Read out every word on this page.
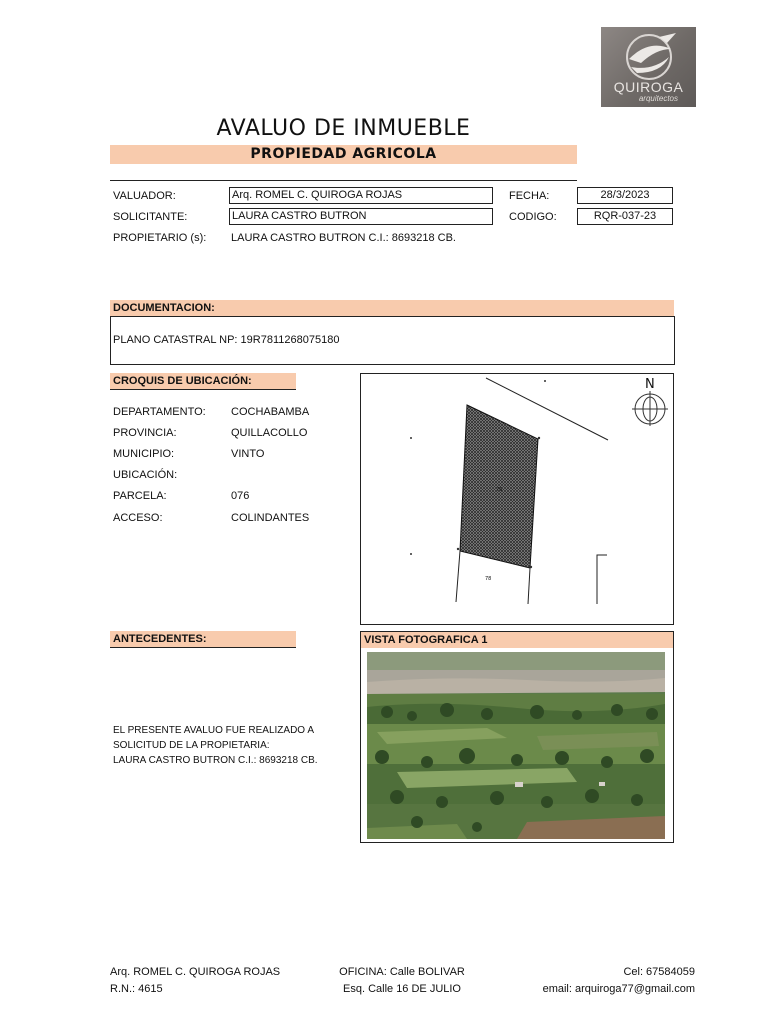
QUIROGA
arquitectos
AVALUO DE INMUEBLE
PROPIEDAD AGRICOLA
VALUADOR:	Arq. ROMEL C. QUIROGA ROJAS
SOLICITANTE:	LAURA CASTRO BUTRON
PROPIETARIO (s): LAURA CASTRO BUTRON C.I.: 8693218 CB.
FECHA:	28/3/2023
CODIGO:	RQR-037-23
DOCUMENTACION:
PLANO CATASTRAL NP: 19R7811268075180
CROQUIS DE UBICACIÓN:
DEPARTAMENTO: COCHABAMBA
PROVINCIA:	QUILLACOLLO
MUNICIPIO:	VINTO
UBICACIÓN:
PARCELA:	076
ACCESO:	COLINDANTES
76
78
N
ANTECEDENTES:
EL PRESENTE AVALUO FUE REALIZADO A
SOLICITUD DE LA PROPIETARIA:
LAURA CASTRO BUTRON C.I.: 8693218 CB.
VISTA FOTOGRAFICA 1
Arq. ROMEL C. QUIROGA ROJAS
R.N.: 4615
OFICINA: Calle BOLIVAR
Esq. Calle 16 DE JULIO
Cel: 67584059
email: arquiroga77@gmail.com
